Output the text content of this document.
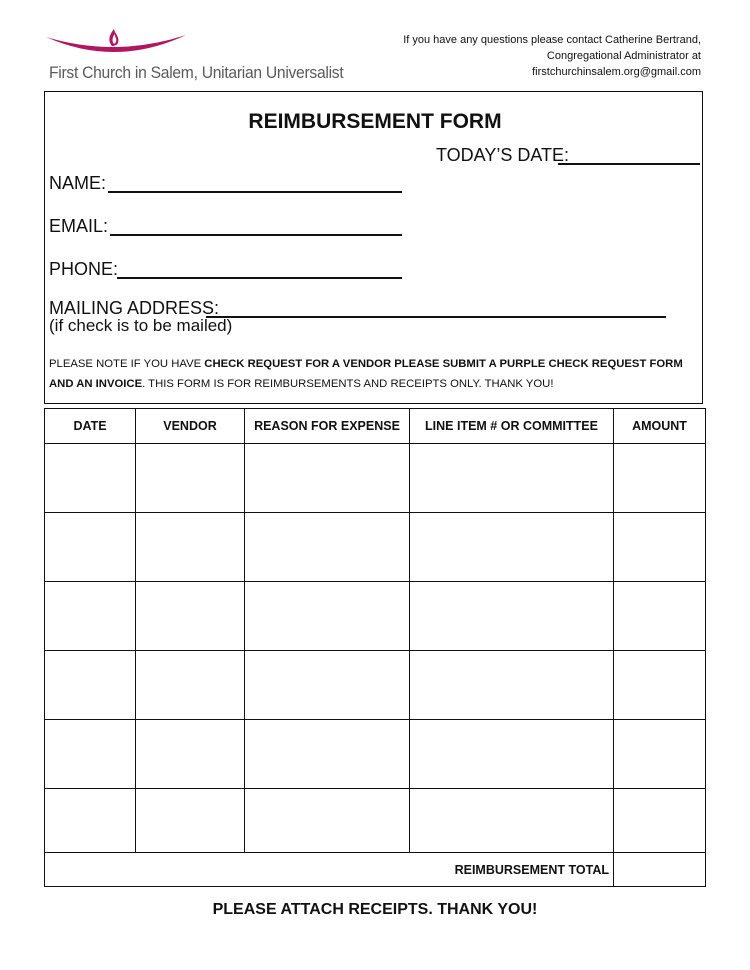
First Church in Salem, Unitarian Universalist
If you have any questions please contact Catherine Bertrand,
Congregational Administrator at
firstchurchinsalem.org@gmail.com
REIMBURSEMENT FORM
TODAY’S DATE:
NAME:
EMAIL:
PHONE:
MAILING ADDRESS:
(if check is to be mailed)
PLEASE NOTE IF YOU HAVE CHECK REQUEST FOR A VENDOR PLEASE SUBMIT A PURPLE CHECK REQUEST FORM AND AN INVOICE. THIS FORM IS FOR REIMBURSEMENTS AND RECEIPTS ONLY. THANK YOU!
DATE	VENDOR	REASON FOR EXPENSE	LINE ITEM # OR COMMITTEE	AMOUNT

REIMBURSEMENT TOTAL				
PLEASE ATTACH RECEIPTS. THANK YOU!
